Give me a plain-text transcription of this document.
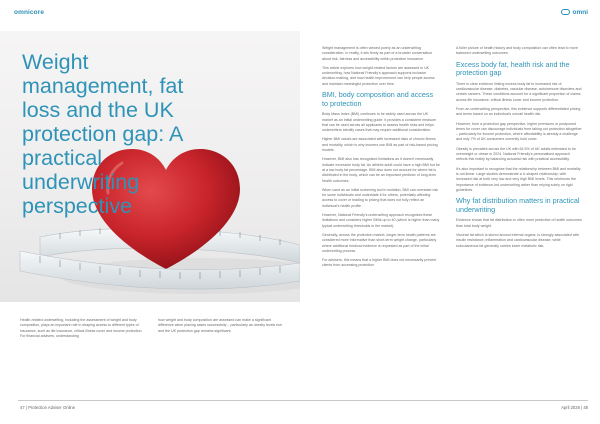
omnicore	omni
Weight management, fat loss and the UK protection gap: A practical underwriting perspective

Health-related underwriting, including the assessment of weight and body composition, plays an important role in shaping access to different types of insurance, such as life insurance, critical illness cover and income protection. For financial advisers, understanding

how weight and body composition are assessed can make a significant difference when placing cases successfully – particularly as obesity levels rise and the UK protection gap remains significant.

Weight management is often viewed purely as an underwriting consideration. In reality, it sits firmly as part of a broader conversation about risk, fairness and accessibility within protection insurance.

This article explores how weight-related factors are assessed in UK underwriting, how National Friendly's approach supports inclusive decision-making, and how health improvement can help people access and maintain meaningful protection over time.

BMI, body composition and access to protection

Body Mass Index (BMI) continues to be widely used across the UK market as an initial underwriting guide. It provides a consistent measure that can be used across all applicants to assess health risks and helps underwriters identify cases that may require additional consideration.

Higher BMI values are associated with increased risks of chronic illness and mortality, which is why insurers use BMI as part of risk-based pricing models.

However, BMI also has recognised limitations as it doesn't necessarily indicate excessive body fat. An athletic adult could have a high BMI but be at a low body fat percentage. BMI also does not account for where fat is distributed in the body, which can be an important predictor of long-term health outcomes.

When used as an initial screening tool in isolation, BMI can overstate risk for some individuals and understate it for others, potentially affecting access to cover or leading to pricing that does not fully reflect an individual's health profile.

However, National Friendly's underwriting approach recognises these limitations and considers higher BMIs up to 40 (which is higher than many typical underwriting thresholds in the market).

Generally, across the protection market, longer-term health patterns are considered more informative than short-term weight change, particularly where additional medical evidence is requested as part of the initial underwriting process.

For advisers, this means that a higher BMI does not necessarily prevent clients from accessing protection

A fuller picture of health history and body composition can often lead to more balanced underwriting outcomes.

Excess body fat, health risk and the protection gap

There is clear evidence linking excess body fat to increased risk of cardiovascular disease, diabetes, vascular disease, autoimmune disorders and certain cancers. These conditions account for a significant proportion of claims across life insurance, critical illness cover and income protection.

From an underwriting perspective, this evidence supports differentiated pricing and terms based on an individual's overall health risk.

However, from a protection gap perspective, higher premiums or postponed terms for cover can discourage individuals from taking out protection altogether – particularly for income protection, where affordability is already a challenge and only 7% of UK consumers currently hold cover.

Obesity is prevalent across the UK with 64.5% of UK adults estimated to be overweight or obese in 2024. National Friendly's personalised approach reflects this reality by balancing actuarial risk with practical accessibility.

It's also important to recognise that the relationship between BMI and mortality is not linear. Large studies demonstrate a U-shaped relationship, with increased risk at both very low and very high BMI levels. This reinforces the importance of evidence-led underwriting rather than relying solely on rigid guidelines.

Why fat distribution matters in practical underwriting

Evidence shows that fat distribution is often more predictive of health outcomes than total body weight.

Visceral fat which is stored around internal organs, is strongly associated with insulin resistance, inflammation and cardiovascular disease, while subcutaneous fat generally carries lower metabolic risk.

47 | Protection Adviser Online	April 2026 | 48
